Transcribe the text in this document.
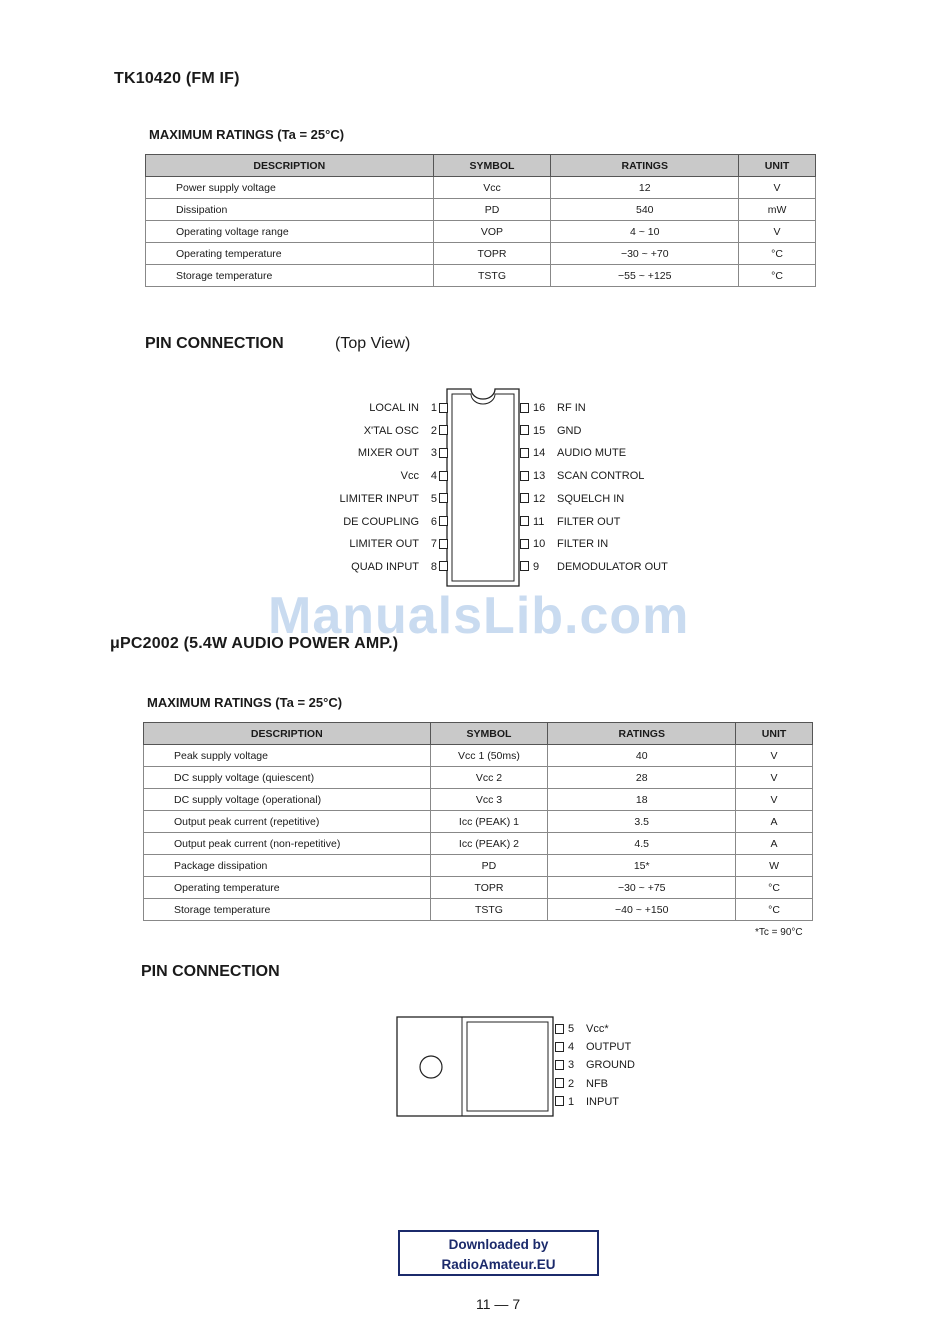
TK10420 (FM IF)
MAXIMUM RATINGS (Ta = 25°C)
DESCRIPTION	SYMBOL	RATINGS	UNIT
Power supply voltage	Vcc	12	V
Dissipation	PD	540	mW
Operating voltage range	VOP	4 ~ 10	V
Operating temperature	TOPR	−30 ~ +70	°C
Storage temperature	TSTG	−55 ~ +125	°C
PIN CONNECTION	(Top View)
1
LOCAL IN
2
X'TAL OSC
3
MIXER OUT
4
Vcc
5
LIMITER INPUT
6
DE COUPLING
7
LIMITER OUT
8
QUAD INPUT
16 RF IN
15 GND
14 AUDIO MUTE
13 SCAN CONTROL
12 SQUELCH IN
11 FILTER OUT
10 FILTER IN
9 DEMODULATOR OUT
ManualsLib.com
μPC2002 (5.4W AUDIO POWER AMP.)
MAXIMUM RATINGS (Ta = 25°C)
DESCRIPTION	SYMBOL	RATINGS	UNIT
Peak supply voltage	Vcc 1 (50ms)	40	V
DC supply voltage (quiescent)	Vcc 2	28	V
DC supply voltage (operational)	Vcc 3	18	V
Output peak current (repetitive)	Icc (PEAK) 1	3.5	A
Output peak current (non-repetitive)	Icc (PEAK) 2	4.5	A
Package dissipation	PD	15*	W
Operating temperature	TOPR	−30 ~ +75	°C
Storage temperature	TSTG	−40 ~ +150	°C
*Tc = 90°C
PIN CONNECTION
5 Vcc*
4 OUTPUT
3 GROUND
2 NFB
1 INPUT
Downloaded by
RadioAmateur.EU
11 — 7
